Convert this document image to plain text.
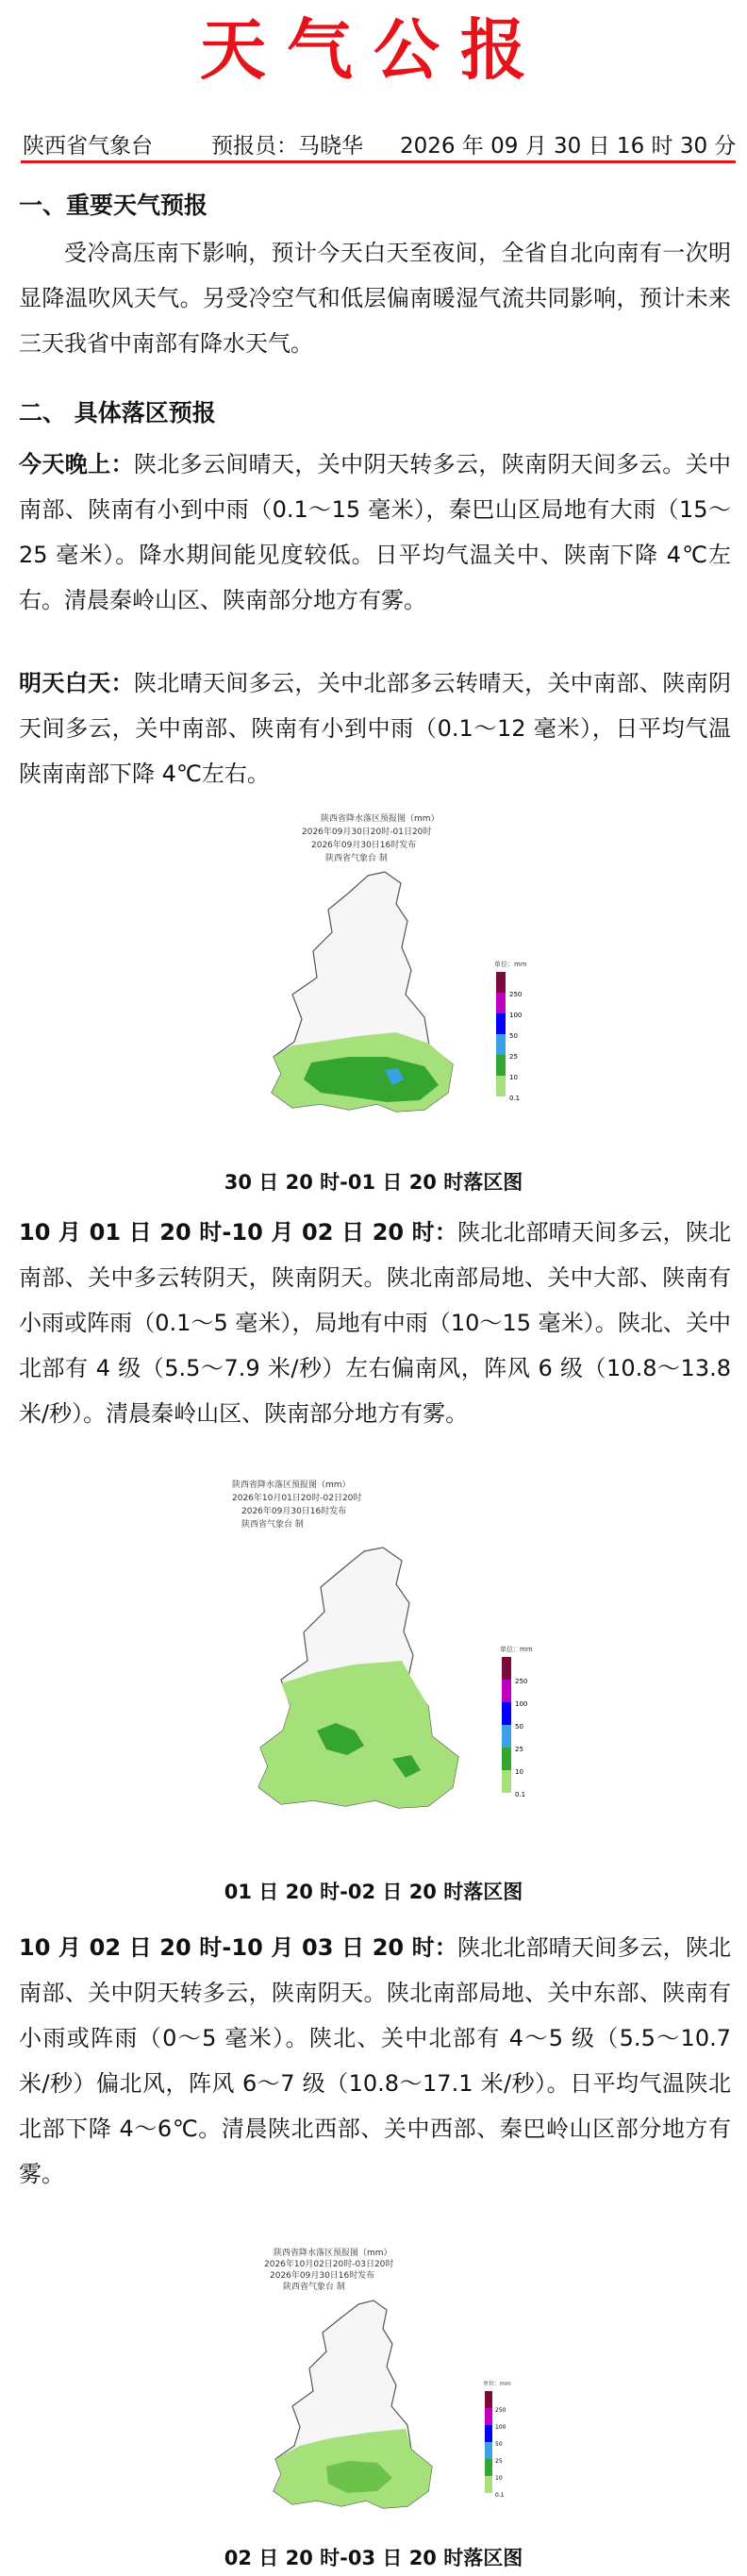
天气公报
陕西省气象台	预报员：马晓华 2026 年 09 月 30 日 16 时 30 分
一、重要天气预报
受冷高压南下影响，预计今天白天至夜间，全省自北向南有一次明显降温吹风天气。另受冷空气和低层偏南暖湿气流共同影响，预计未来三天我省中南部有降水天气。
二、 具体落区预报
今天晚上：陕北多云间晴天，关中阴天转多云，陕南阴天间多云。关中南部、陕南有小到中雨（0.1～15 毫米），秦巴山区局地有大雨（15～25 毫米）。降水期间能见度较低。日平均气温关中、陕南下降 4℃左右。清晨秦岭山区、陕南部分地方有雾。
明天白天：陕北晴天间多云，关中北部多云转晴天，关中南部、陕南阴天间多云，关中南部、陕南有小到中雨（0.1～12 毫米），日平均气温陕南南部下降 4℃左右。
陕西省降水落区预报图（mm）
2026年09月30日20时-01日20时
2026年09月30日16时发布
陕西省气象台 制
单位：mm
250
100
50
25
10
0.1
30 日 20 时-01 日 20 时落区图
10 月 01 日 20 时-10 月 02 日 20 时：陕北北部晴天间多云，陕北南部、关中多云转阴天，陕南阴天。陕北南部局地、关中大部、陕南有小雨或阵雨（0.1～5 毫米），局地有中雨（10～15 毫米）。陕北、关中北部有 4 级（5.5～7.9 米/秒）左右偏南风，阵风 6 级（10.8～13.8 米/秒）。清晨秦岭山区、陕南部分地方有雾。
陕西省降水落区预报图（mm）
2026年10月01日20时-02日20时
2026年09月30日16时发布
陕西省气象台 制
单位：mm
250
100
50
25
10
0.1
01 日 20 时-02 日 20 时落区图
10 月 02 日 20 时-10 月 03 日 20 时：陕北北部晴天间多云，陕北南部、关中阴天转多云，陕南阴天。陕北南部局地、关中东部、陕南有小雨或阵雨（0～5 毫米）。陕北、关中北部有 4～5 级（5.5～10.7 米/秒）偏北风，阵风 6～7 级（10.8～17.1 米/秒）。日平均气温陕北北部下降 4～6℃。清晨陕北西部、关中西部、秦巴岭山区部分地方有雾。
陕西省降水落区预报图（mm）
2026年10月02日20时-03日20时
2026年09月30日16时发布
陕西省气象台 制
单位：mm
250
100
50
25
10
0.1
02 日 20 时-03 日 20 时落区图
